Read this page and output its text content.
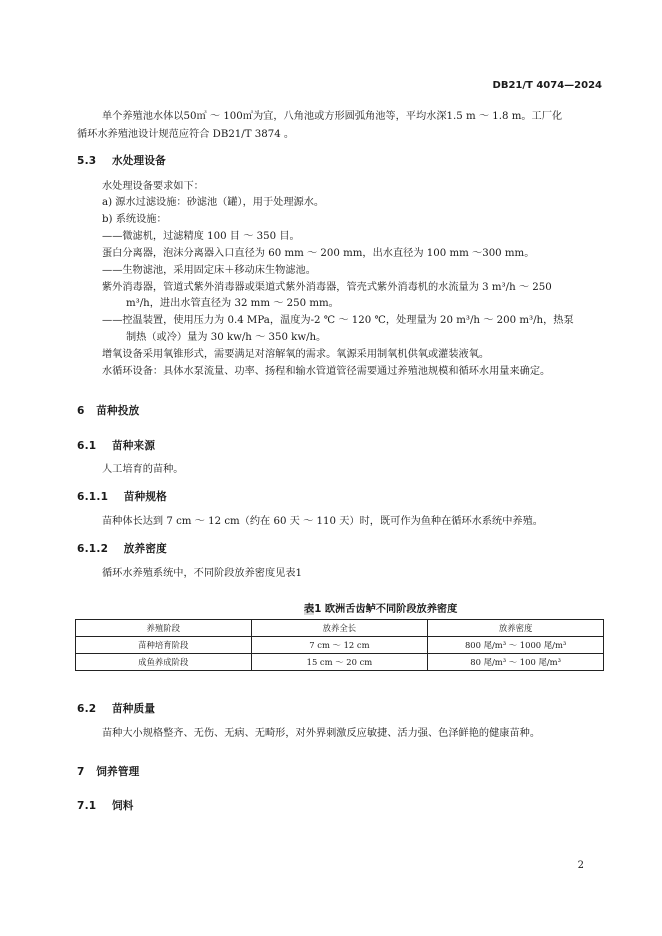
DB21/T 4074—2024
单个养殖池水体以50㎥ ～ 100㎥为宜，八角池或方形圆弧角池等，平均水深1.5 m ～ 1.8 m。工厂化
循环水养殖池设计规范应符合 DB21/T 3874 。
5.3 水处理设备
水处理设备要求如下：
a) 源水过滤设施：砂滤池（罐），用于处理源水。
b) 系统设施：
——微滤机，过滤精度 100 目 ～ 350 目。
蛋白分离器，泡沫分离器入口直径为 60 mm ～ 200 mm，出水直径为 100 mm ～300 mm。
——生物滤池，采用固定床＋移动床生物滤池。
紫外消毒器，管道式紫外消毒器或渠道式紫外消毒器，管壳式紫外消毒机的水流量为 3 m³/h ～ 250
m³/h，进出水管直径为 32 mm ～ 250 mm。
——控温装置，使用压力为 0.4 MPa，温度为-2 ℃ ～ 120 ℃，处理量为 20 m³/h ～ 200 m³/h，热泵
制热（或冷）量为 30 kw/h ～ 350 kw/h。
增氧设备采用氧锥形式，需要满足对溶解氧的需求。氧源采用制氧机供氧或灌装液氧。
水循环设备：具体水泵流量、功率、扬程和输水管道管径需要通过养殖池规模和循环水用量来确定。
6 苗种投放
6.1 苗种来源
人工培育的苗种。
6.1.1 苗种规格
苗种体长达到 7 cm ～ 12 cm（约在 60 天 ～ 110 天）时，既可作为鱼种在循环水系统中养殖。
6.1.2 放养密度
循环水养殖系统中，不同阶段放养密度见表1
表1 欧洲舌齿鲈不同阶段放养密度
养殖阶段	放养全长	放养密度
苗种培育阶段	7 cm ～ 12 cm	800 尾/m³ ～ 1000 尾/m³
成鱼养成阶段	15 cm ～ 20 cm	80 尾/m³ ～ 100 尾/m³
6.2 苗种质量
苗种大小规格整齐、无伤、无病、无畸形，对外界刺激反应敏捷、活力强、色泽鲜艳的健康苗种。
7 饲养管理
7.1 饲料
2
